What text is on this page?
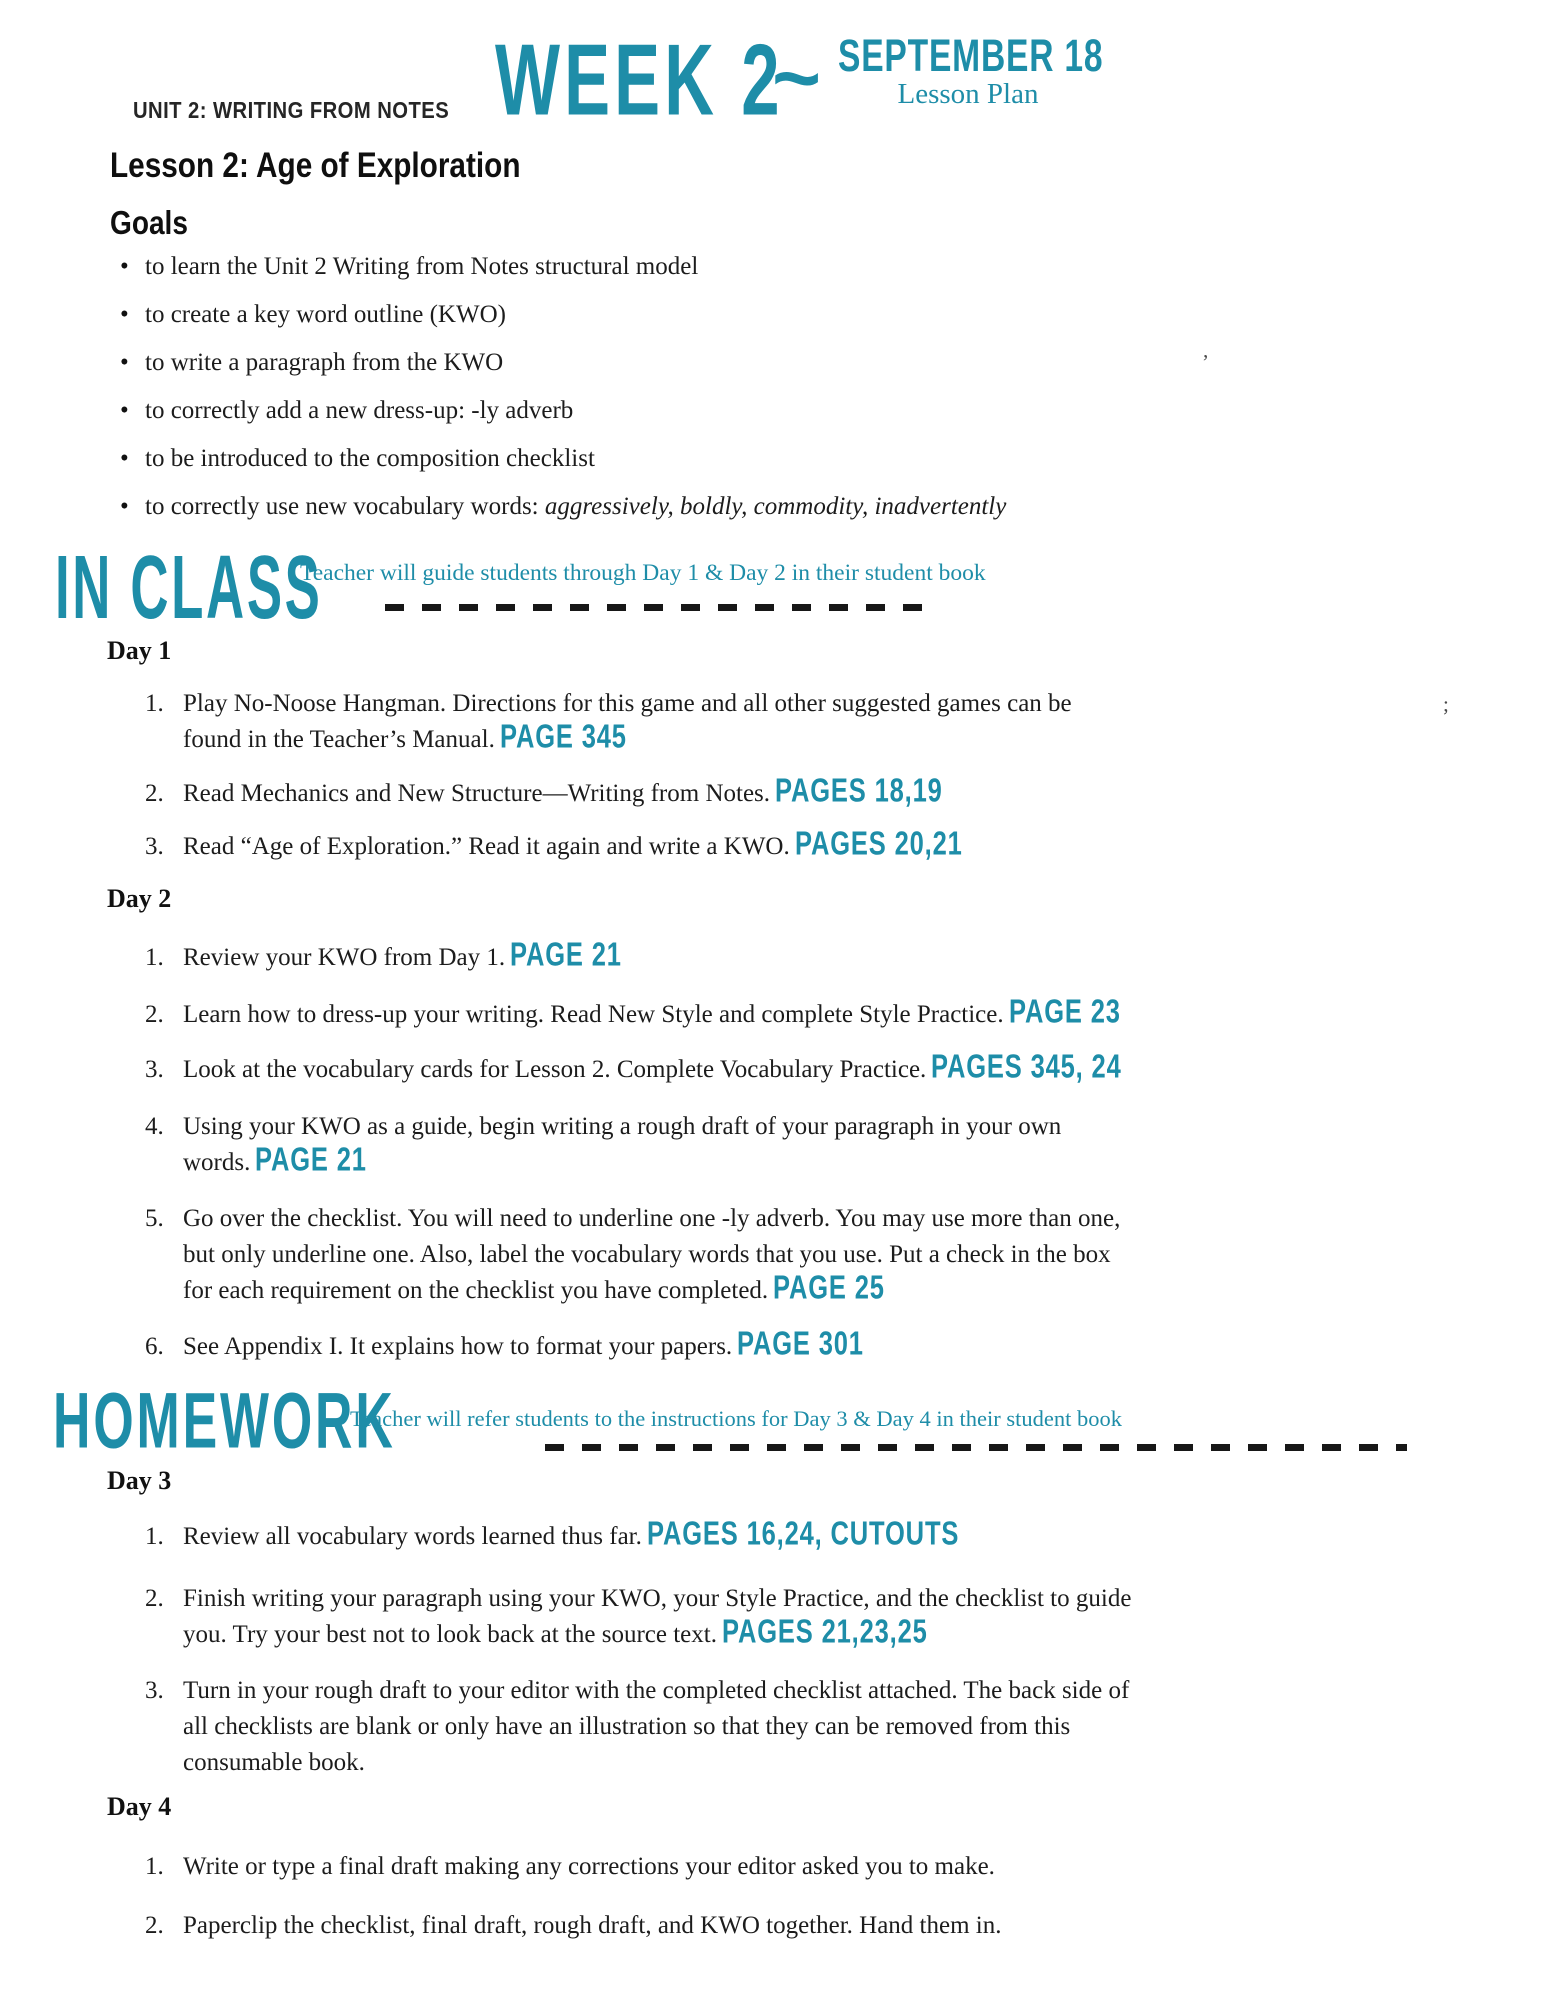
UNIT 2: WRITING FROM NOTES WEEK 2
~ SEPTEMBER 18
Lesson Plan
Lesson 2: Age of Exploration
Goals
• to learn the Unit 2 Writing from Notes structural model
• to create a key word outline (KWO)
• to write a paragraph from the KWO
• to correctly add a new dress-up: -ly adverb
• to be introduced to the composition checklist
• to correctly use new vocabulary words: aggressively, boldly, commodity, inadvertently
IN CLASS
Teacher will guide students through Day 1 & Day 2 in their student book
Day 1
1. Play No-Noose Hangman. Directions for this game and all other suggested games can be found in the Teacher’s Manual. PAGE 345
2. Read Mechanics and New Structure—Writing from Notes. PAGES 18,19
3. Read “Age of Exploration.” Read it again and write a KWO. PAGES 20,21
Day 2
1. Review your KWO from Day 1. PAGE 21
2. Learn how to dress-up your writing. Read New Style and complete Style Practice. PAGE 23
3. Look at the vocabulary cards for Lesson 2. Complete Vocabulary Practice. PAGES 345, 24
4. Using your KWO as a guide, begin writing a rough draft of your paragraph in your own words. PAGE 21
5. Go over the checklist. You will need to underline one -ly adverb. You may use more than one, but only underline one. Also, label the vocabulary words that you use. Put a check in the box for each requirement on the checklist you have completed. PAGE 25
6. See Appendix I. It explains how to format your papers. PAGE 301
HOMEWORK
Teacher will refer students to the instructions for Day 3 & Day 4 in their student book
Day 3
1. Review all vocabulary words learned thus far. PAGES 16,24, CUTOUTS
2. Finish writing your paragraph using your KWO, your Style Practice, and the checklist to guide you. Try your best not to look back at the source text. PAGES 21,23,25
3. Turn in your rough draft to your editor with the completed checklist attached. The back side of all checklists are blank or only have an illustration so that they can be removed from this consumable book.
Day 4
1. Write or type a final draft making any corrections your editor asked you to make.
2. Paperclip the checklist, final draft, rough draft, and KWO together. Hand them in.
’
;
